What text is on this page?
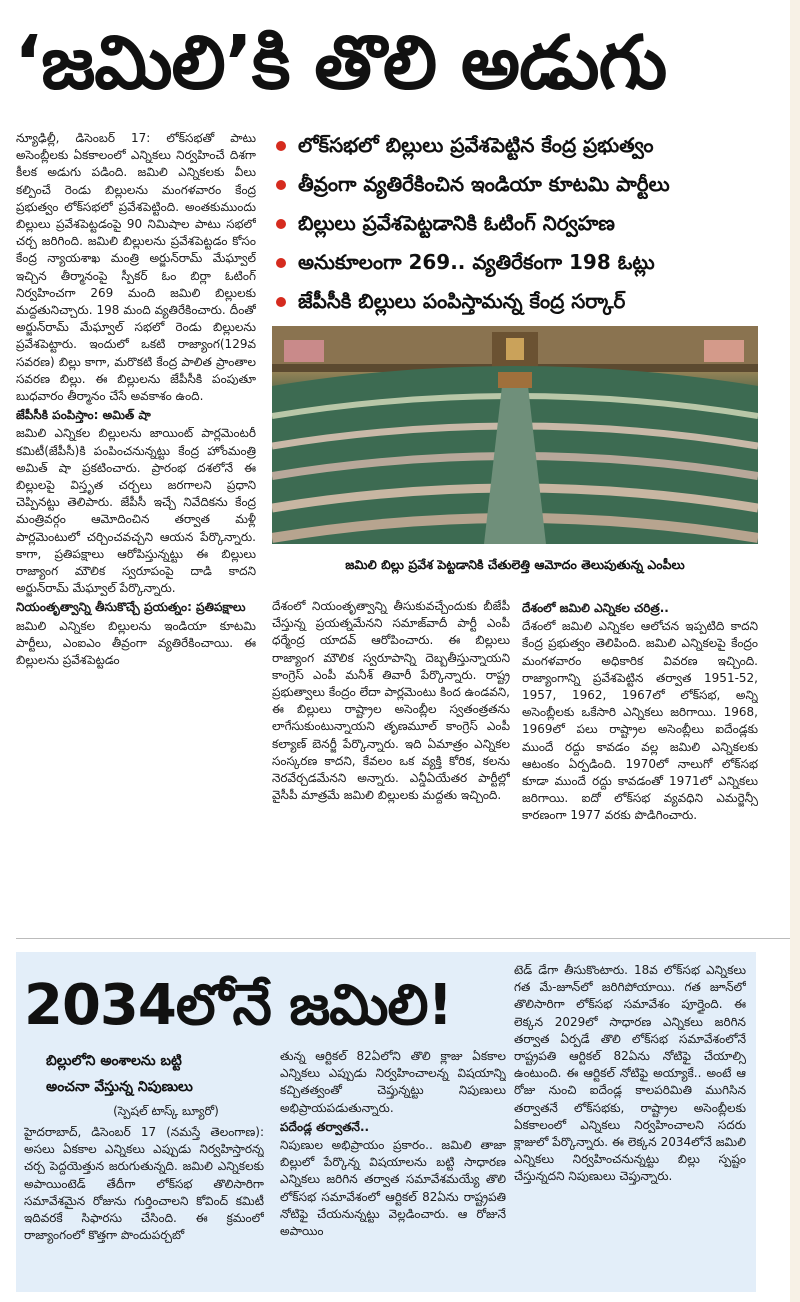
‘జమిలి’కి తొలి అడుగు

న్యూఢిల్లీ, డిసెంబర్‌ 17: లోక్‌సభతో పాటు అసెంబ్లీలకు ఏకకాలంలో ఎన్నికలు నిర్వహించే దిశగా కీలక అడుగు పడింది. జమిలి ఎన్నికలకు వీలు కల్పించే రెండు బిల్లులను మంగళవారం కేంద్ర ప్రభుత్వం లోక్‌సభలో ప్రవేశపెట్టింది. అంతకుముందు బిల్లులు ప్రవేశపెట్టడంపై 90 నిమిషాల పాటు సభలో చర్చ జరిగింది. జమిలి బిల్లులను ప్రవేశపెట్టడం కోసం కేంద్ర న్యాయశాఖ మంత్రి అర్జున్‌రామ్‌ మేఘ్వాల్‌ ఇచ్చిన తీర్మానంపై స్పీకర్‌ ఓం బిర్లా ఓటింగ్‌ నిర్వహించగా 269 మంది జమిలి బిల్లులకు మద్దతునిచ్చారు. 198 మంది వ్యతిరేకించారు. దీంతో అర్జున్‌రామ్‌ మేఘ్వాల్‌ సభలో రెండు బిల్లులను ప్రవేశపెట్టారు. ఇందులో ఒకటి రాజ్యాంగ(129వ సవరణ) బిల్లు కాగా, మరొకటి కేంద్ర పాలిత ప్రాంతాల సవరణ బిల్లు. ఈ బిల్లులను జేపీసీకి పంపుతూ బుధవారం తీర్మానం చేసే అవకాశం ఉంది.

జేపీసీకి పంపిస్తాం: అమిత్‌ షా

జమిలి ఎన్నికల బిల్లులను జాయింట్‌ పార్లమెంటరీ కమిటీ(జేపీసీ)కి పంపించనున్నట్టు కేంద్ర హోంమంత్రి అమిత్‌ షా ప్రకటించారు. ప్రారంభ దశలోనే ఈ బిల్లులపై విస్తృత చర్చలు జరగాలని ప్రధాని చెప్పినట్టు తెలిపారు. జేపీసీ ఇచ్చే నివేదికను కేంద్ర మంత్రివర్గం ఆమోదించిన తర్వాత మళ్లీ పార్లమెంటులో చర్చించవచ్చని ఆయన పేర్కొన్నారు. కాగా, ప్రతిపక్షాలు ఆరోపిస్తున్నట్టు ఈ బిల్లులు రాజ్యాంగ మౌలిక స్వరూపంపై దాడి కాదని అర్జున్‌రామ్‌ మేఘ్వాల్‌ పేర్కొన్నారు.

నియంతృత్వాన్ని తీసుకొచ్చే ప్రయత్నం: ప్రతిపక్షాలు

జమిలి ఎన్నికల బిల్లులను ఇండియా కూటమి పార్టీలు, ఎంఐఎం తీవ్రంగా వ్యతిరేకించాయి. ఈ బిల్లులను ప్రవేశపెట్టడం

లోక్‌సభలో బిల్లులు ప్రవేశపెట్టిన కేంద్ర ప్రభుత్వం
తీవ్రంగా వ్యతిరేకించిన ఇండియా కూటమి పార్టీలు
బిల్లులు ప్రవేశపెట్టడానికి ఓటింగ్‌ నిర్వహణ
అనుకూలంగా 269.. వ్యతిరేకంగా 198 ఓట్లు
జేపీసీకి బిల్లులు పంపిస్తామన్న కేంద్ర సర్కార్‌
జమిలి బిల్లు ప్రవేశ పెట్టడానికి చేతులెత్తి ఆమోదం తెలుపుతున్న ఎంపీలు

దేశంలో నియంతృత్వాన్ని తీసుకువచ్చేందుకు బీజేపీ చేస్తున్న ప్రయత్నమేనని సమాజ్‌వాదీ పార్టీ ఎంపీ ధర్మేంద్ర యాదవ్‌ ఆరోపించారు. ఈ బిల్లులు రాజ్యాంగ మౌలిక స్వరూపాన్ని దెబ్బతీస్తున్నాయని కాంగ్రెస్‌ ఎంపీ మనీశ్‌ తివారీ పేర్కొన్నారు. రాష్ట్ర ప్రభుత్వాలు కేంద్రం లేదా పార్లమెంటు కింద ఉండవని, ఈ బిల్లులు రాష్ట్రాల అసెంబ్లీల స్వతంత్రతను లాగేసుకుంటున్నాయని తృణమూల్‌ కాంగ్రెస్‌ ఎంపీ కల్యాణ్‌ బెనర్జీ పేర్కొన్నారు. ఇది ఏమాత్రం ఎన్నికల సంస్కరణ కాదని, కేవలం ఒక వ్యక్తి కోరిక, కలను నెరవేర్చడమేనని అన్నారు. ఎన్డీఏయేతర పార్టీల్లో వైసీపీ మాత్రమే జమిలి బిల్లులకు మద్దతు ఇచ్చింది.

దేశంలో జమిలి ఎన్నికల చరిత్ర..

దేశంలో జమిలి ఎన్నికల ఆలోచన ఇప్పటిది కాదని కేంద్ర ప్రభుత్వం తెలిపింది. జమిలి ఎన్నికలపై కేంద్రం మంగళవారం అధికారిక వివరణ ఇచ్చింది. రాజ్యాంగాన్ని ప్రవేశపెట్టిన తర్వాత 1951-52, 1957, 1962, 1967లో లోక్‌సభ, అన్ని అసెంబ్లీలకు ఒకేసారి ఎన్నికలు జరిగాయి. 1968, 1969లో పలు రాష్ట్రాల అసెంబ్లీలు ఐదేండ్లకు ముందే రద్దు కావడం వల్ల జమిలి ఎన్నికలకు ఆటంకం ఏర్పడింది. 1970లో నాలుగో లోక్‌సభ కూడా ముందే రద్దు కావడంతో 1971లో ఎన్నికలు జరిగాయి. ఐదో లోక్‌సభ వ్యవధిని ఎమర్జెన్సీ కారణంగా 1977 వరకు పొడిగించారు.

2034లోనే జమిలి!
బిల్లులోని అంశాలను బట్టి
అంచనా వేస్తున్న నిపుణులు
(స్పెషల్‌ టాస్క్‌ బ్యూరో)

హైదరాబాద్‌, డిసెంబర్‌ 17 (నమస్తే తెలంగాణ): అసలు ఏకకాల ఎన్నికలు ఎప్పుడు నిర్వహిస్తారన్న చర్చ పెద్దయెత్తున జరుగుతున్నది. జమిలి ఎన్నికలకు అపాయింటెడ్‌ తేదీగా లోక్‌సభ తొలిసారిగా సమావేశమైన రోజును గుర్తించాలని కోవింద్‌ కమిటీ ఇదివరకే సిఫారసు చేసింది. ఈ క్రమంలో రాజ్యాంగంలో కొత్తగా పొందుపర్చబో

తున్న ఆర్టికల్‌ 82ఏలోని తొలి క్లాజు ఏకకాల ఎన్నికలు ఎప్పుడు నిర్వహించాలన్న విషయాన్ని కచ్చితత్వంతో చెప్తున్నట్టు నిపుణులు అభిప్రాయపడుతున్నారు.

పదేండ్ల తర్వాతనే..

నిపుణుల అభిప్రాయం ప్రకారం.. జమిలి తాజా బిల్లులో పేర్కొన్న విషయాలను బట్టి సాధారణ ఎన్నికలు జరిగిన తర్వాత సమావేశమయ్యే తొలి లోక్‌సభ సమావేశంలో ఆర్టికల్‌ 82ఏను రాష్ట్రపతి నోటిఫై చేయనున్నట్టు వెల్లడించారు. ఆ రోజునే అపాయిం

టెడ్‌ డేగా తీసుకొంటారు. 18వ లోక్‌సభ ఎన్నికలు గత మే-జూన్‌లో జరిగిపోయాయి. గత జూన్‌లో తొలిసారిగా లోక్‌సభ సమావేశం పూర్తైంది. ఈ లెక్కన 2029లో సాధారణ ఎన్నికలు జరిగిన తర్వాత ఏర్పడే తొలి లోక్‌సభ సమావేశంలోనే రాష్ట్రపతి ఆర్టికల్‌ 82ఏను నోటిఫై చేయాల్సి ఉంటుంది. ఈ ఆర్టికల్‌ నోటిఫై అయ్యాకే.. అంటే ఆ రోజు నుంచి ఐదేండ్ల కాలపరిమితి ముగిసిన తర్వాతనే లోక్‌సభకు, రాష్ట్రాల అసెంబ్లీలకు ఏకకాలంలో ఎన్నికలు నిర్వహించాలని సదరు క్లాజులో పేర్కొన్నారు. ఈ లెక్కన 2034లోనే జమిలి ఎన్నికలు నిర్వహించనున్నట్టు బిల్లు స్పష్టం చేస్తున్నదని నిపుణులు చెప్తున్నారు.
